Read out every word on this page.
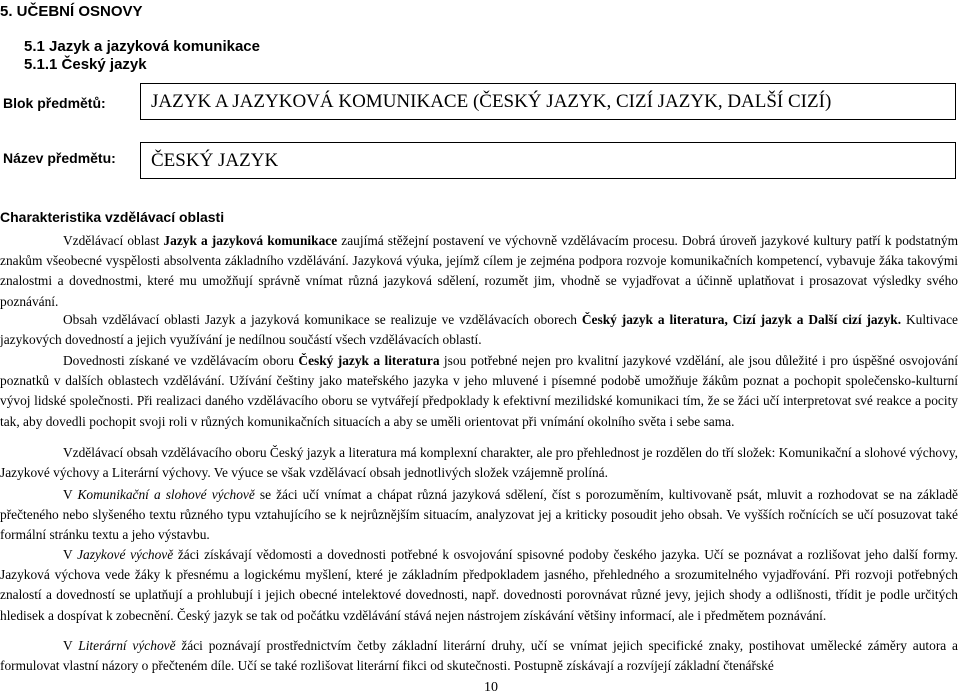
5. UČEBNÍ OSNOVY
5.1 Jazyk a jazyková komunikace
5.1.1 Český jazyk
Blok předmětů: JAZYK A JAZYKOVÁ KOMUNIKACE (ČESKÝ JAZYK, CIZÍ JAZYK, DALŠÍ CIZÍ)
Název předmětu: ČESKÝ JAZYK
Charakteristika vzdělávací oblasti
Vzdělávací oblast Jazyk a jazyková komunikace zaujímá stěžejní postavení ve výchovně vzdělávacím procesu. Dobrá úroveň jazykové kultury patří k podstatným znakům všeobecné vyspělosti absolventa základního vzdělávání. Jazyková výuka, jejímž cílem je zejména podpora rozvoje komunikačních kompetencí, vybavuje žáka takovými znalostmi a dovednostmi, které mu umožňují správně vnímat různá jazyková sdělení, rozumět jim, vhodně se vyjadřovat a účinně uplatňovat i prosazovat výsledky svého poznávání.
Obsah vzdělávací oblasti Jazyk a jazyková komunikace se realizuje ve vzdělávacích oborech Český jazyk a literatura, Cizí jazyk a Další cizí jazyk. Kultivace jazykových dovedností a jejich využívání je nedílnou součástí všech vzdělávacích oblastí.
Dovednosti získané ve vzdělávacím oboru Český jazyk a literatura jsou potřebné nejen pro kvalitní jazykové vzdělání, ale jsou důležité i pro úspěšné osvojování poznatků v dalších oblastech vzdělávání. Užívání češtiny jako mateřského jazyka v jeho mluvené i písemné podobě umožňuje žákům poznat a pochopit společensko-kulturní vývoj lidské společnosti. Při realizaci daného vzdělávacího oboru se vytvářejí předpoklady k efektivní mezilidské komunikaci tím, že se žáci učí interpretovat své reakce a pocity tak, aby dovedli pochopit svoji roli v různých komunikačních situacích a aby se uměli orientovat při vnímání okolního světa i sebe sama.
Vzdělávací obsah vzdělávacího oboru Český jazyk a literatura má komplexní charakter, ale pro přehlednost je rozdělen do tří složek: Komunikační a slohové výchovy, Jazykové výchovy a Literární výchovy. Ve výuce se však vzdělávací obsah jednotlivých složek vzájemně prolíná.
V Komunikační a slohové výchově se žáci učí vnímat a chápat různá jazyková sdělení, číst s porozuměním, kultivovaně psát, mluvit a rozhodovat se na základě přečteného nebo slyšeného textu různého typu vztahujícího se k nejrůznějším situacím, analyzovat jej a kriticky posoudit jeho obsah. Ve vyšších ročnících se učí posuzovat také formální stránku textu a jeho výstavbu.
V Jazykové výchově žáci získávají vědomosti a dovednosti potřebné k osvojování spisovné podoby českého jazyka. Učí se poznávat a rozlišovat jeho další formy. Jazyková výchova vede žáky k přesnému a logickému myšlení, které je základním předpokladem jasného, přehledného a srozumitelného vyjadřování. Při rozvoji potřebných znalostí a dovedností se uplatňují a prohlubují i jejich obecné intelektové dovednosti, např. dovednosti porovnávat různé jevy, jejich shody a odlišnosti, třídit je podle určitých hledisek a dospívat k zobecnění. Český jazyk se tak od počátku vzdělávání stává nejen nástrojem získávání většiny informací, ale i předmětem poznávání.
V Literární výchově žáci poznávají prostřednictvím četby základní literární druhy, učí se vnímat jejich specifické znaky, postihovat umělecké záměry autora a formulovat vlastní názory o přečteném díle. Učí se také rozlišovat literární fikci od skutečnosti. Postupně získávají a rozvíjejí základní čtenářské
10
